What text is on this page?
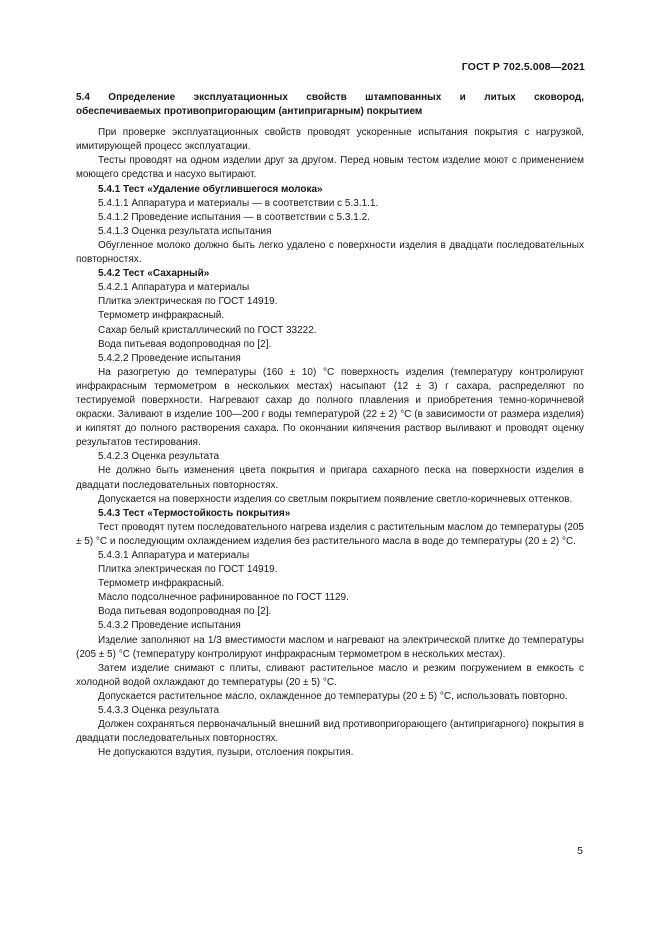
ГОСТ Р 702.5.008—2021

5.4 Определение эксплуатационных свойств штампованных и литых сковород,
обеспечиваемых противопригорающим (антипригарным) покрытием

При проверке эксплуатационных свойств проводят ускоренные испытания покрытия с нагрузкой, имитирующей процесс эксплуатации.

Тесты проводят на одном изделии друг за другом. Перед новым тестом изделие моют с применением моющего средства и насухо вытирают.

5.4.1 Тест «Удаление обуглившегося молока»

5.4.1.1 Аппаратура и материалы — в соответствии с 5.3.1.1.

5.4.1.2 Проведение испытания — в соответствии с 5.3.1.2.

5.4.1.3 Оценка результата испытания

Обугленное молоко должно быть легко удалено с поверхности изделия в двадцати последовательных повторностях.

5.4.2 Тест «Сахарный»

5.4.2.1 Аппаратура и материалы

Плитка электрическая по ГОСТ 14919.

Термометр инфракрасный.

Сахар белый кристаллический по ГОСТ 33222.

Вода питьевая водопроводная по [2].

5.4.2.2 Проведение испытания

На разогретую до температуры (160 ± 10) °С поверхность изделия (температуру контролируют инфракрасным термометром в нескольких местах) насыпают (12 ± 3) г сахара, распределяют по тестируемой поверхности. Нагревают сахар до полного плавления и приобретения темно-коричневой окраски. Заливают в изделие 100—200 г воды температурой (22 ± 2) °С (в зависимости от размера изделия) и кипятят до полного растворения сахара. По окончании кипячения раствор выливают и проводят оценку результатов тестирования.

5.4.2.3 Оценка результата

Не должно быть изменения цвета покрытия и пригара сахарного песка на поверхности изделия в двадцати последовательных повторностях.

Допускается на поверхности изделия со светлым покрытием появление светло-коричневых оттенков.

5.4.3 Тест «Термостойкость покрытия»

Тест проводят путем последовательного нагрева изделия с растительным маслом до температуры (205 ± 5) °С и последующим охлаждением изделия без растительного масла в воде до температуры (20 ± 2) °С.

5.4.3.1 Аппаратура и материалы

Плитка электрическая по ГОСТ 14919.

Термометр инфракрасный.

Масло подсолнечное рафинированное по ГОСТ 1129.

Вода питьевая водопроводная по [2].

5.4.3.2 Проведение испытания

Изделие заполняют на 1/3 вместимости маслом и нагревают на электрической плитке до температуры (205 ± 5) °С (температуру контролируют инфракрасным термометром в нескольких местах).

Затем изделие снимают с плиты, сливают растительное масло и резким погружением в емкость с холодной водой охлаждают до температуры (20 ± 5) °С.

Допускается растительное масло, охлажденное до температуры (20 ± 5) °С, использовать повторно.

5.4.3.3 Оценка результата

Должен сохраняться первоначальный внешний вид противопригорающего (антипригарного) покрытия в двадцати последовательных повторностях.

Не допускаются вздутия, пузыри, отслоения покрытия.

5
